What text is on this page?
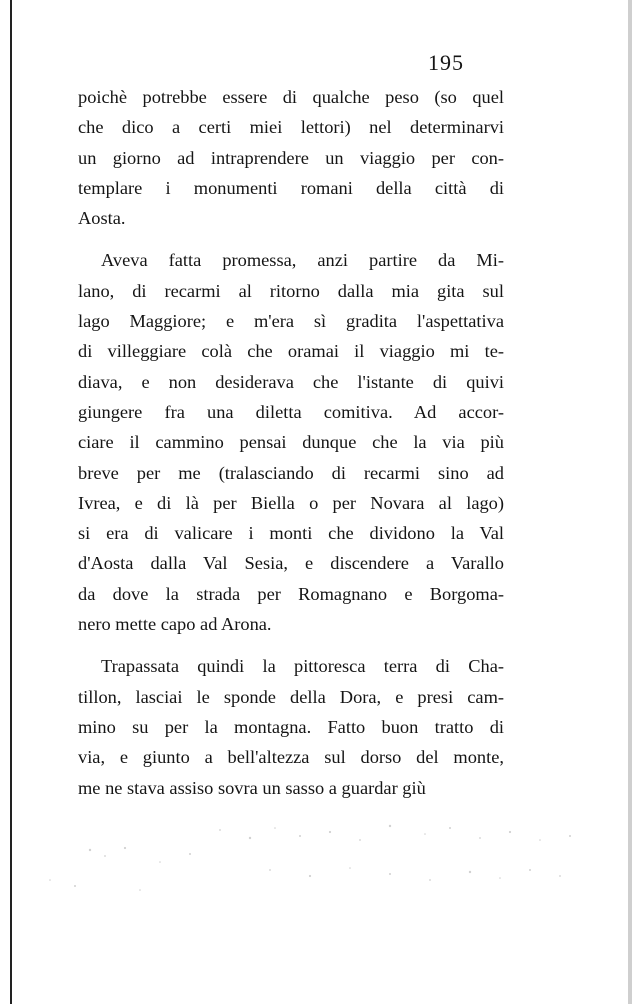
195
poichè potrebbe essere di qualche peso (so quel
che dico a certi miei lettori) nel determinarvi
un giorno ad intraprendere un viaggio per con-
templare i monumenti romani della città di
Aosta.
Aveva fatta promessa, anzi partire da Mi-
lano, di recarmi al ritorno dalla mia gita sul
lago Maggiore; e m'era sì gradita l'aspettativa
di villeggiare colà che oramai il viaggio mi te-
diava, e non desiderava che l'istante di quivi
giungere fra una diletta comitiva. Ad accor-
ciare il cammino pensai dunque che la via più
breve per me (tralasciando di recarmi sino ad
Ivrea, e di là per Biella o per Novara al lago)
si era di valicare i monti che dividono la Val
d'Aosta dalla Val Sesia, e discendere a Varallo
da dove la strada per Romagnano e Borgoma-
nero mette capo ad Arona.
Trapassata quindi la pittoresca terra di Cha-
tillon, lasciai le sponde della Dora, e presi cam-
mino su per la montagna. Fatto buon tratto di
via, e giunto a bell'altezza sul dorso del monte,
me ne stava assiso sovra un sasso a guardar giù
